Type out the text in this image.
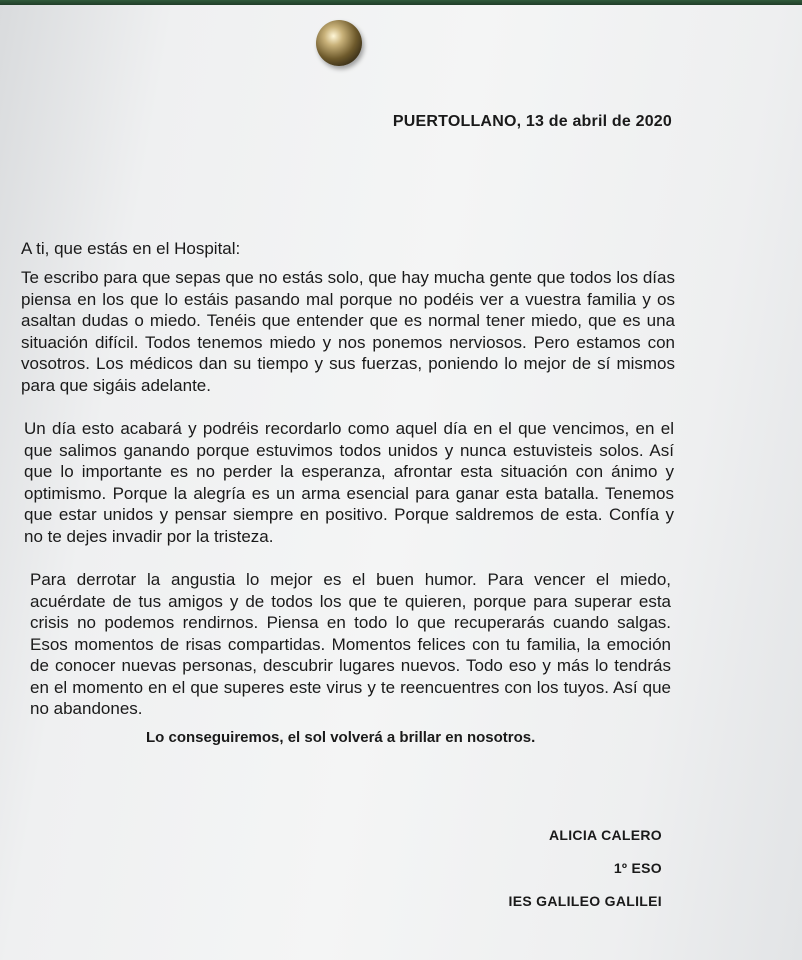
PUERTOLLANO, 13 de abril de 2020
A ti, que estás en el Hospital:
Te escribo para que sepas que no estás solo, que hay mucha gente que todos los días piensa en los que lo estáis pasando mal porque no podéis ver a vuestra familia y os asaltan dudas o miedo. Tenéis que entender que es normal tener miedo, que es una situación difícil. Todos tenemos miedo y nos ponemos nerviosos. Pero estamos con vosotros. Los médicos dan su tiempo y sus fuerzas, poniendo lo mejor de sí mismos para que sigáis adelante.
Un día esto acabará y podréis recordarlo como aquel día en el que vencimos, en el que salimos ganando porque estuvimos todos unidos y nunca estuvisteis solos. Así que lo importante es no perder la esperanza, afrontar esta situación con ánimo y optimismo. Porque la alegría es un arma esencial para ganar esta batalla. Tenemos que estar unidos y pensar siempre en positivo. Porque saldremos de esta. Confía y no te dejes invadir por la tristeza.
Para derrotar la angustia lo mejor es el buen humor. Para vencer el miedo, acuérdate de tus amigos y de todos los que te quieren, porque para superar esta crisis no podemos rendirnos. Piensa en todo lo que recuperarás cuando salgas. Esos momentos de risas compartidas. Momentos felices con tu familia, la emoción de conocer nuevas personas, descubrir lugares nuevos. Todo eso y más lo tendrás en el momento en el que superes este virus y te reencuentres con los tuyos. Así que no abandones.
Lo conseguiremos, el sol volverá a brillar en nosotros.
ALICIA CALERO
1º ESO
IES GALILEO GALILEI
